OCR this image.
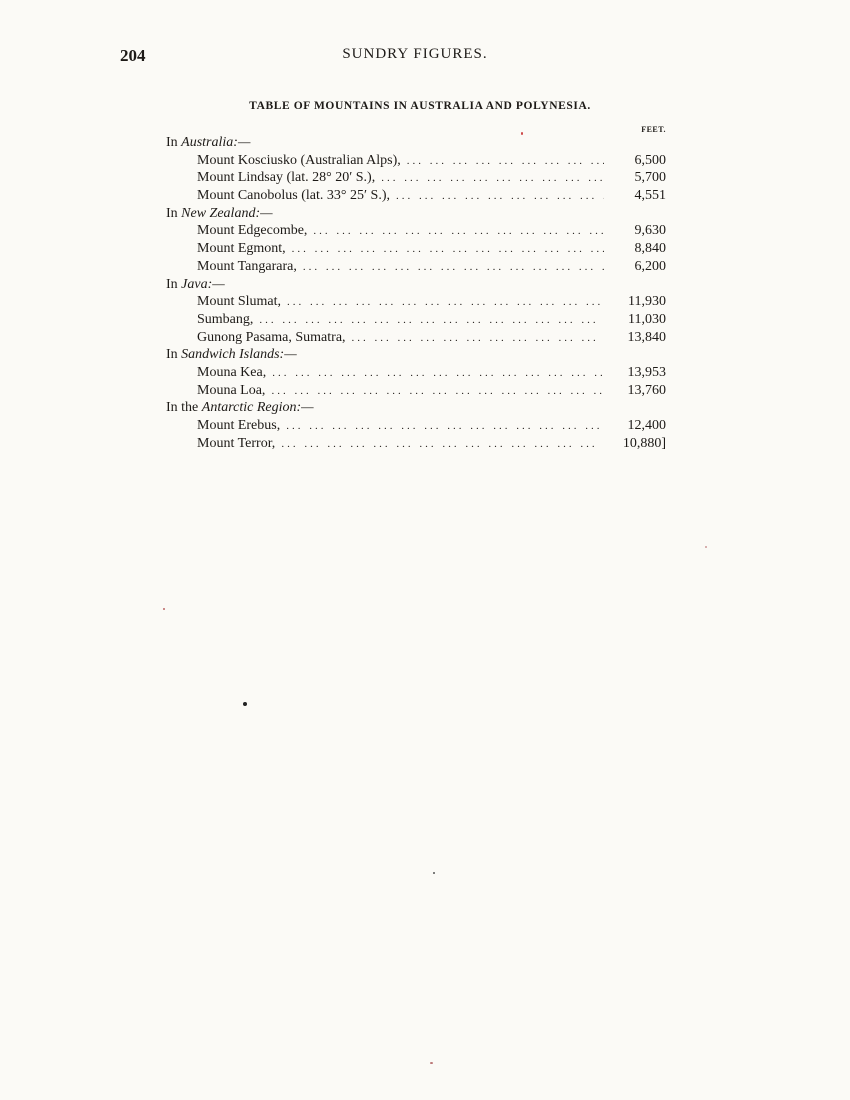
204	SUNDRY FIGURES.
TABLE OF MOUNTAINS IN AUSTRALIA AND POLYNESIA.
FEET.
In Australia:—
Mount Kosciusko (Australian Alps), ... .	6,500
Mount Lindsay (lat. 28° 20′ S.), ... .	5,700
Mount Canobolus (lat. 33° 25′ S.), ... .	4,551
In New Zealand:—
Mount Edgecombe, ... .	9,630
Mount Egmont, ... .	8,840
Mount Tangarara, ... .	6,200
In Java:—
Mount Slumat, ... .	11,930
Sumbang, ... .	11,030
Gunong Pasama, Sumatra, ... .	13,840
In Sandwich Islands:—
Mouna Kea, ... .	13,953
Mouna Loa, ... .	13,760
In the Antarctic Region:—
Mount Erebus, ... .	12,400
Mount Terror, ... .	10,880]
